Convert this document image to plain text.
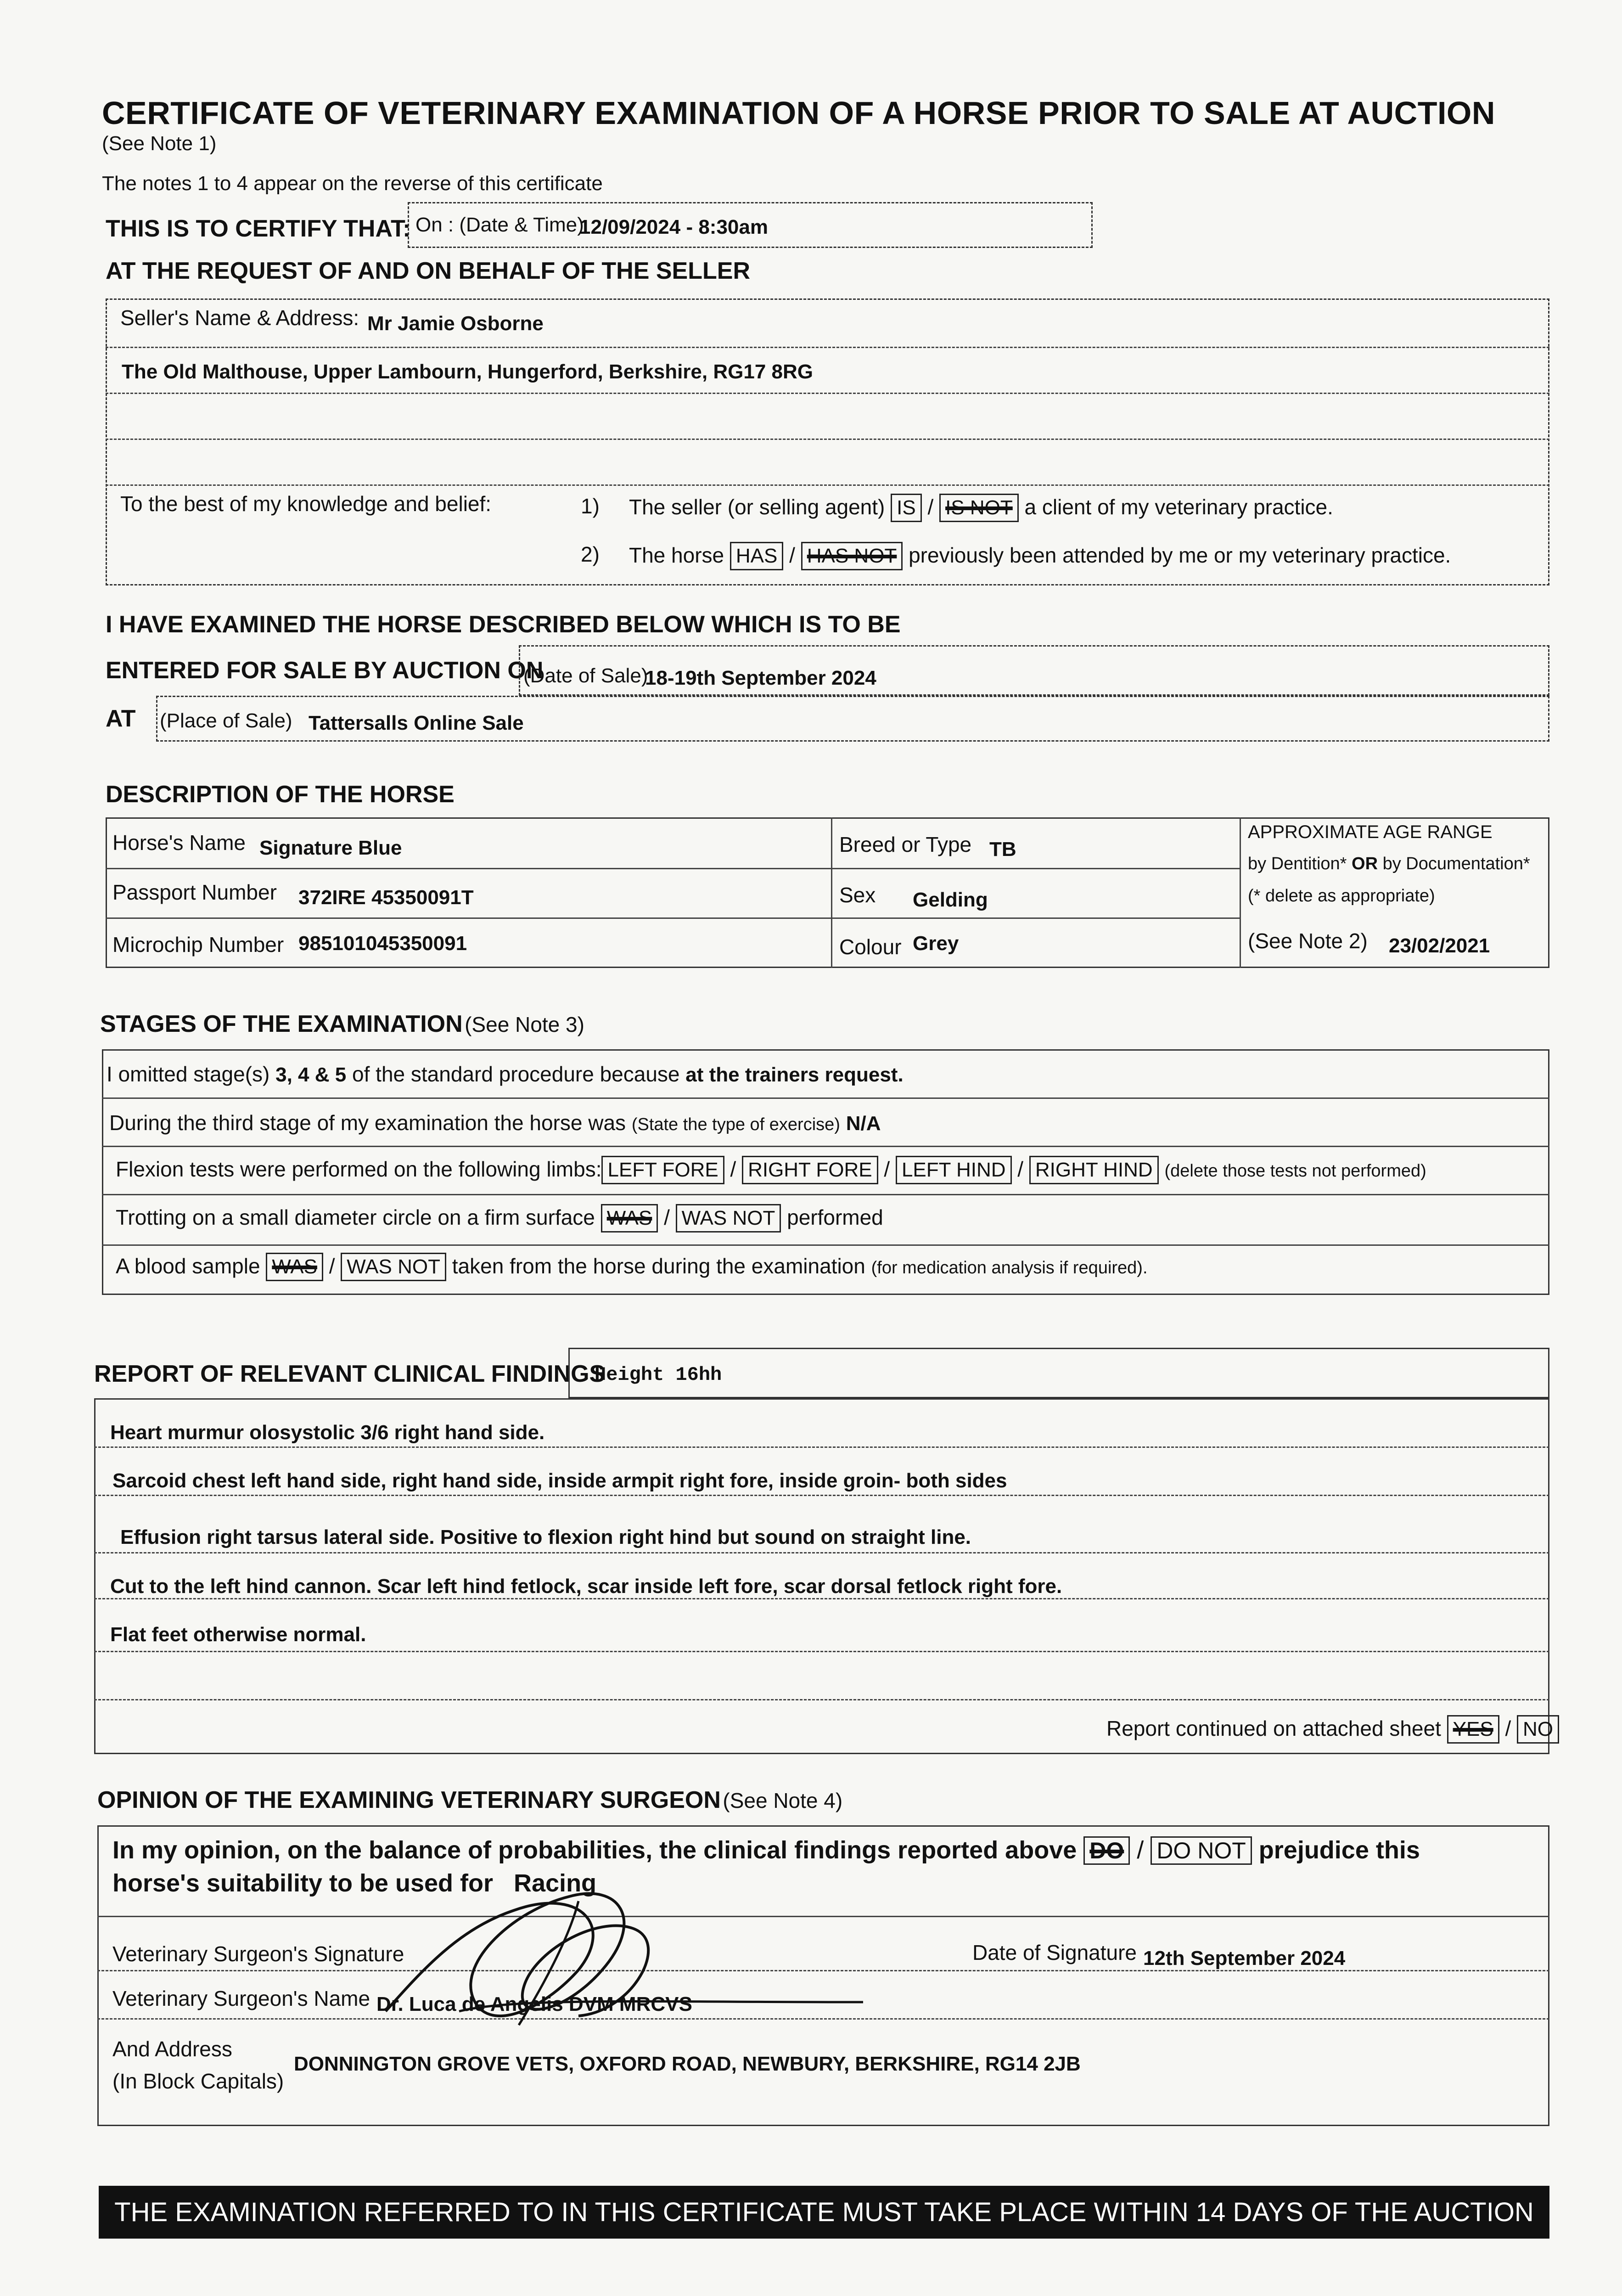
CERTIFICATE OF VETERINARY EXAMINATION OF A HORSE PRIOR TO SALE AT AUCTION
(See Note 1)
The notes 1 to 4 appear on the reverse of this certificate
THIS IS TO CERTIFY THAT: On : (Date & Time)
12/09/2024 - 8:30am
AT THE REQUEST OF AND ON BEHALF OF THE SELLER
Seller's Name & Address: Mr Jamie Osborne
The Old Malthouse, Upper Lambourn, Hungerford, Berkshire, RG17 8RG
To the best of my knowledge and belief:	1) The seller (or selling agent) IS / IS NOT a client of my veterinary practice.
2) The horse HAS / HAS NOT previously been attended by me or my veterinary practice.
I HAVE EXAMINED THE HORSE DESCRIBED BELOW WHICH IS TO BE
ENTERED FOR SALE BY AUCTION ON
(Date of Sale)
18-19th September 2024
AT (Place of Sale) Tattersalls Online Sale
DESCRIPTION OF THE HORSE
Horse's Name Signature Blue
Passport Number 372IRE 45350091T
Microchip Number 985101045350091
Breed or Type TB
Sex Gelding
Colour Grey
APPROXIMATE AGE RANGE
by Dentition* OR by Documentation*
(* delete as appropriate)
(See Note 2) 23/02/2021
STAGES OF THE EXAMINATION (See Note 3)
I omitted stage(s) 3, 4 & 5 of the standard procedure because at the trainers request.
During the third stage of my examination the horse was (State the type of exercise) N/A
Flexion tests were performed on the following limbs: LEFT FORE / RIGHT FORE / LEFT HIND / RIGHT HIND (delete those tests not performed)
Trotting on a small diameter circle on a firm surface WAS / WAS NOT performed
A blood sample WAS / WAS NOT taken from the horse during the examination (for medication analysis if required).
REPORT OF RELEVANT CLINICAL FINDINGS
Height 16hh
Heart murmur olosystolic 3/6 right hand side.
Sarcoid chest left hand side, right hand side, inside armpit right fore, inside groin- both sides
Effusion right tarsus lateral side. Positive to flexion right hind but sound on straight line.
Cut to the left hind cannon. Scar left hind fetlock, scar inside left fore, scar dorsal fetlock right fore.
Flat feet otherwise normal.
Report continued on attached sheet YES / NO
OPINION OF THE EXAMINING VETERINARY SURGEON (See Note 4)
In my opinion, on the balance of probabilities, the clinical findings reported above DO / DO NOT prejudice this
horse's suitability to be used for Racing
Veterinary Surgeon's Signature	Date of Signature 12th September 2024
Veterinary Surgeon's Name Dr. Luca de Angelis DVM MRCVS
And Address
(In Block Capitals)
DONNINGTON GROVE VETS, OXFORD ROAD, NEWBURY, BERKSHIRE, RG14 2JB
THE EXAMINATION REFERRED TO IN THIS CERTIFICATE MUST TAKE PLACE WITHIN 14 DAYS OF THE AUCTION
